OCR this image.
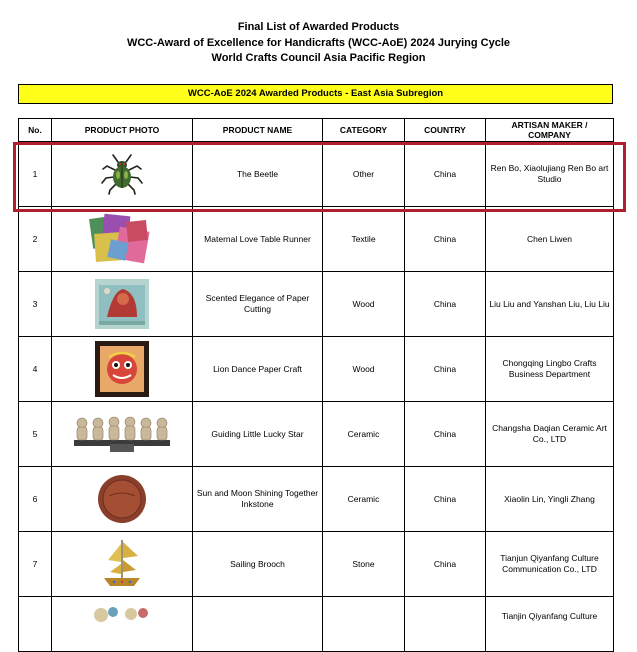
Final List of Awarded Products
WCC-Award of Excellence for Handicrafts (WCC-AoE) 2024 Jurying Cycle
World Crafts Council Asia Pacific Region
WCC-AoE 2024 Awarded Products - East Asia Subregion
No.	PRODUCT PHOTO	PRODUCT NAME	CATEGORY	COUNTRY	ARTISAN MAKER / COMPANY
1		The Beetle	Other	China	Ren Bo, Xiaolujiang Ren Bo art Studio
2		Maternal Love Table Runner	Textile	China	Chen Liwen
3		Scented Elegance of Paper Cutting	Wood	China	Liu Liu and Yanshan Liu, Liu Liu
4		Lion Dance Paper Craft	Wood	China	Chongqing Lingbo Crafts Business Department
5		Guiding Little Lucky Star	Ceramic	China	Changsha Daqian Ceramic Art Co., LTD
6		Sun and Moon Shining Together Inkstone	Ceramic	China	Xiaolin Lin, Yingli Zhang
7		Sailing Brooch	Stone	China	Tianjun Qiyanfang Culture Communication Co., LTD

				Tianjin Qiyanfang Culture
